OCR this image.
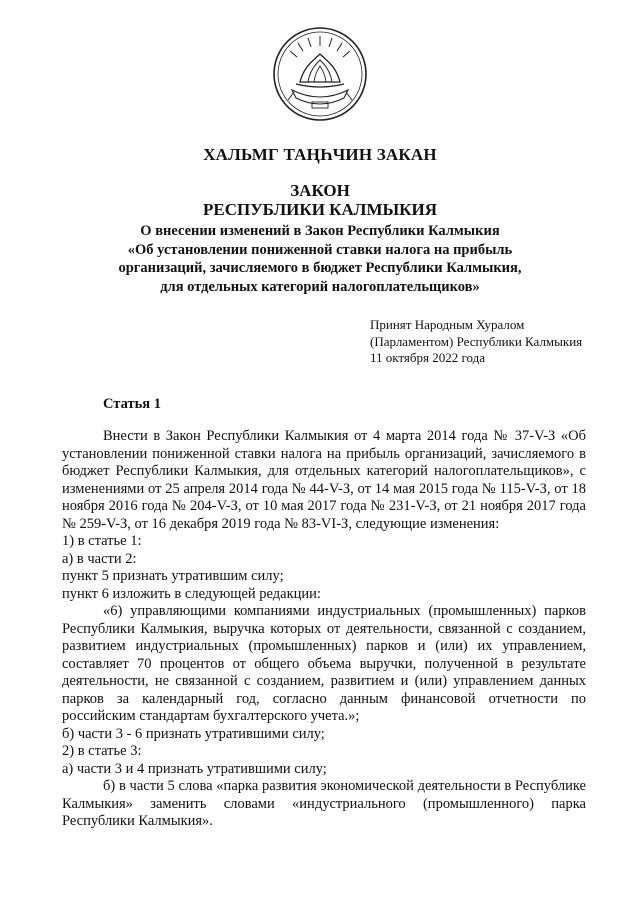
ХАЛЬМГ ТАҢҺЧИН ЗАКАН
ЗАКОН
РЕСПУБЛИКИ КАЛМЫКИЯ
О внесении изменений в Закон Республики Калмыкия
«Об установлении пониженной ставки налога на прибыль
организаций, зачисляемого в бюджет Республики Калмыкия,
для отдельных категорий налогоплательщиков»
Принят Народным Хуралом
(Парламентом) Республики Калмыкия
11 октября 2022 года
Статья 1

Внести в Закон Республики Калмыкия от 4 марта 2014 года № 37-V-З «Об установлении пониженной ставки налога на прибыль организаций, зачисляемого в бюджет Республики Калмыкия, для отдельных категорий налогоплательщиков», с изменениями от 25 апреля 2014 года № 44-V-З, от 14 мая 2015 года № 115-V-З, от 18 ноября 2016 года № 204-V-З, от 10 мая 2017 года № 231-V-З, от 21 ноября 2017 года № 259-V-З, от 16 декабря 2019 года № 83-VI-З, следующие изменения:

1) в статье 1:

а) в части 2:

пункт 5 признать утратившим силу;

пункт 6 изложить в следующей редакции:

«6) управляющими компаниями индустриальных (промышленных) парков Республики Калмыкия, выручка которых от деятельности, связанной с созданием, развитием индустриальных (промышленных) парков и (или) их управлением, составляет 70 процентов от общего объема выручки, полученной в результате деятельности, не связанной с созданием, развитием и (или) управлением данных парков за календарный год, согласно данным финансовой отчетности по российским стандартам бухгалтерского учета.»;

б) части 3 - 6 признать утратившими силу;

2) в статье 3:

а) части 3 и 4 признать утратившими силу;

б) в части 5 слова «парка развития экономической деятельности в Республике Калмыкия» заменить словами «индустриального (промышленного) парка Республики Калмыкия».
